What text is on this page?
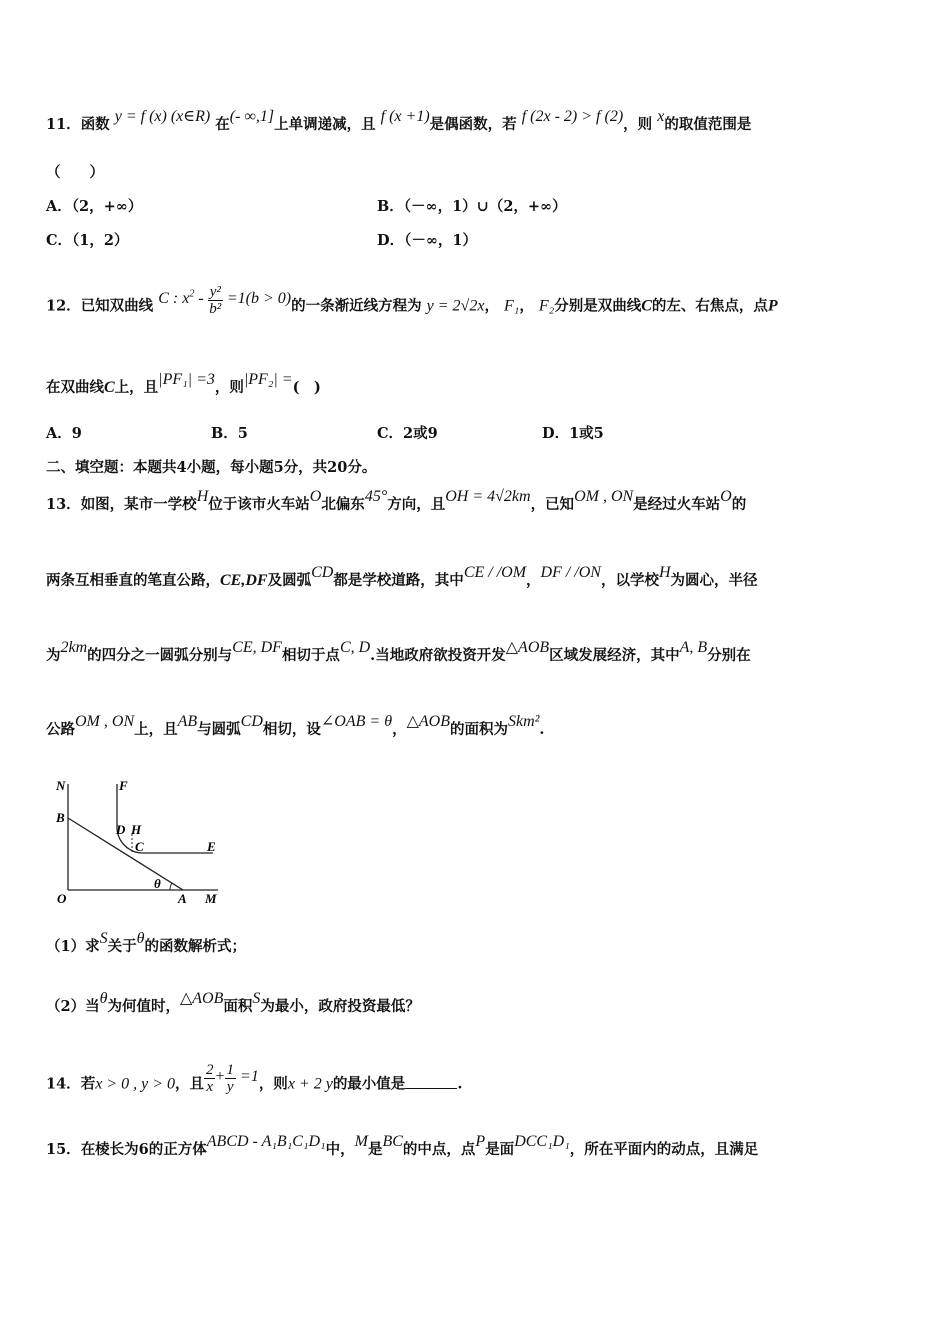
11．函数 y = f (x) (x∈R) 在(- ∞,1]上单调递减，且 f (x +1)是偶函数，若 f (2x - 2) > f (2)，则 x的取值范围是
（　　）
A．（2，+∞）	B．（－∞，1）∪（2，+∞）
C．（1，2）	D．（－∞，1）
12．已知双曲线 C : $x^2 - \frac{\text{y²}}{\text{b²}} =1(b > 0)$的一条渐近线方程为 y = 2√2x， F₁， F₂分别是双曲线C的左、右焦点，点P
在双曲线C上，且|PF₁| =3，则|PF₂| =(　)
A．9	B．5	C．2或9	D．1或5
二、填空题：本题共4小题，每小题5分，共20分。
13．如图，某市一学校H位于该市火车站O北偏东45°方向，且OH = 4√2km，已知OM , ON是经过火车站O的
两条互相垂直的笔直公路，CE,DF及圆弧CD都是学校道路，其中CE / /OM，DF / /ON，以学校H为圆心，半径
为2km的四分之一圆弧分别与CE, DF相切于点C, D.当地政府欲投资开发△AOB区域发展经济，其中A, B分别在
公路OM , ON上，且AB与圆弧CD相切，设∠OAB = θ，△AOB的面积为Skm².
N	F
B
D H
C	E
O
θ
A M
（1）求S关于θ的函数解析式；
（2）当θ为何值时，△AOB面积S为最小，政府投资最低？
14．若x > 0 , y > 0，且 $\frac{2}{x} + \frac{1}{y} =1$，则x + 2 y的最小值是	.
15．在棱长为6的正方体ABCD - A₁B₁C₁D₁中，M是BC的中点，点P是面DCC₁D₁，所在平面内的动点，且满足
